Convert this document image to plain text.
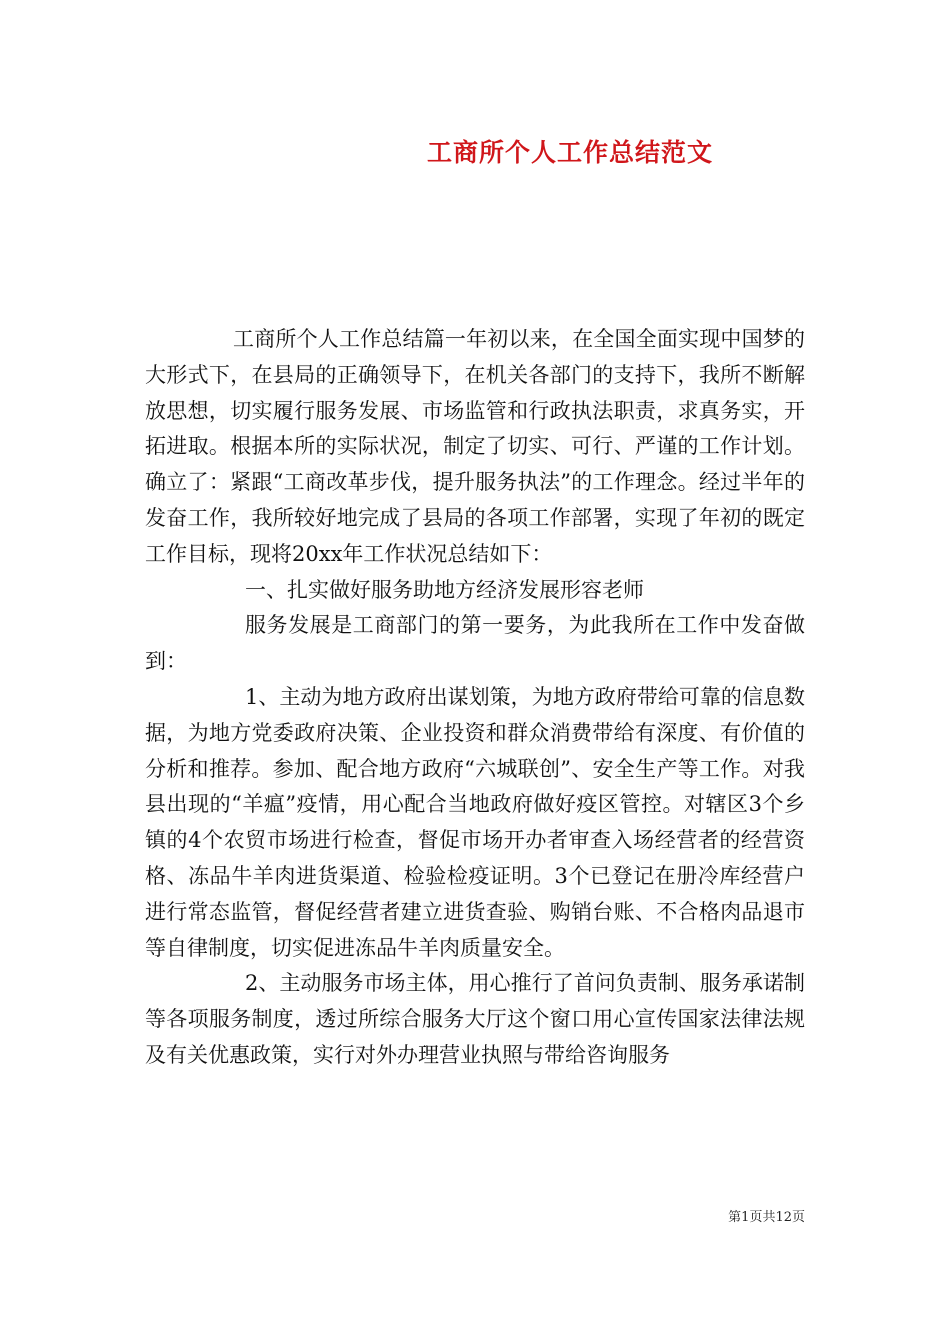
工商所个人工作总结范文

工商所个人工作总结篇一年初以来，在全国全面实现中国梦的大形式下，在县局的正确领导下，在机关各部门的支持下，我所不断解放思想，切实履行服务发展、市场监管和行政执法职责，求真务实，开拓进取。根据本所的实际状况，制定了切实、可行、严谨的工作计划。确立了：紧跟“工商改革步伐，提升服务执法”的工作理念。经过半年的发奋工作，我所较好地完成了县局的各项工作部署，实现了年初的既定工作目标，现将20xx年工作状况总结如下：

一、扎实做好服务助地方经济发展形容老师

服务发展是工商部门的第一要务，为此我所在工作中发奋做到：

1、主动为地方政府出谋划策，为地方政府带给可靠的信息数据，为地方党委政府决策、企业投资和群众消费带给有深度、有价值的分析和推荐。参加、配合地方政府“六城联创”、安全生产等工作。对我县出现的“羊瘟”疫情，用心配合当地政府做好疫区管控。对辖区3个乡镇的4个农贸市场进行检查，督促市场开办者审查入场经营者的经营资格、冻品牛羊肉进货渠道、检验检疫证明。3个已登记在册冷库经营户进行常态监管，督促经营者建立进货查验、购销台账、不合格肉品退市等自律制度，切实促进冻品牛羊肉质量安全。

2、主动服务市场主体，用心推行了首问负责制、服务承诺制等各项服务制度，透过所综合服务大厅这个窗口用心宣传国家法律法规及有关优惠政策，实行对外办理营业执照与带给咨询服务

第1页共12页
